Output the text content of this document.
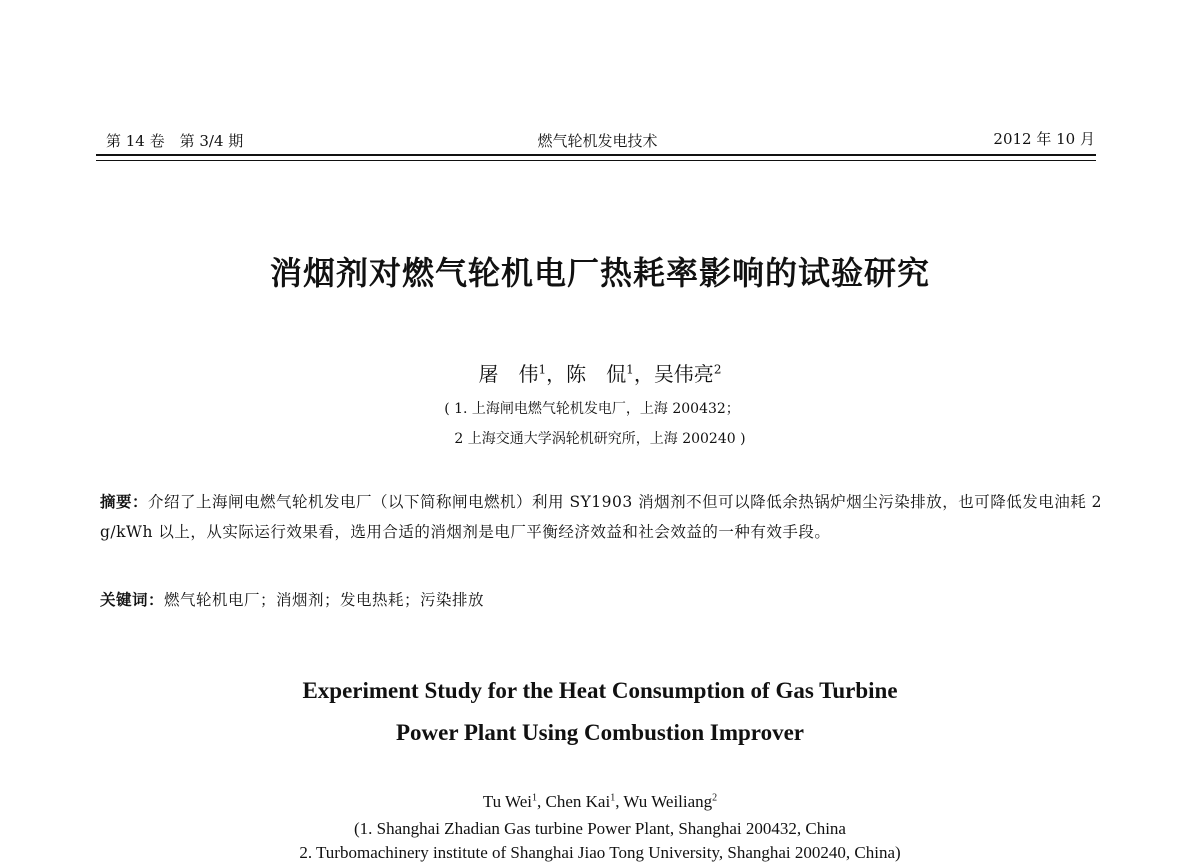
第 14 卷　第 3/4 期	燃气轮机发电技术	2012 年 10 月
消烟剂对燃气轮机电厂热耗率影响的试验研究
屠　伟$^1$，陈　侃$^1$，吴伟亮$^2$
( 1. 上海闸电燃气轮机发电厂，上海 200432；
2 上海交通大学涡轮机研究所，上海 200240 )
摘要：介绍了上海闸电燃气轮机发电厂（以下简称闸电燃机）利用 SY1903 消烟剂不但可以降低余热锅炉烟尘污染排放，也可降低发电油耗 2 g/kWh 以上，从实际运行效果看，选用合适的消烟剂是电厂平衡经济效益和社会效益的一种有效手段。
关键词：燃气轮机电厂；消烟剂；发电热耗；污染排放
Experiment Study for the Heat Consumption of Gas Turbine
Power Plant Using Combustion Improver
Tu Wei$^1$, Chen Kai$^1$, Wu Weiliang$^2$
(1. Shanghai Zhadian Gas turbine Power Plant, Shanghai 200432, China
2. Turbomachinery institute of Shanghai Jiao Tong University, Shanghai 200240, China)
